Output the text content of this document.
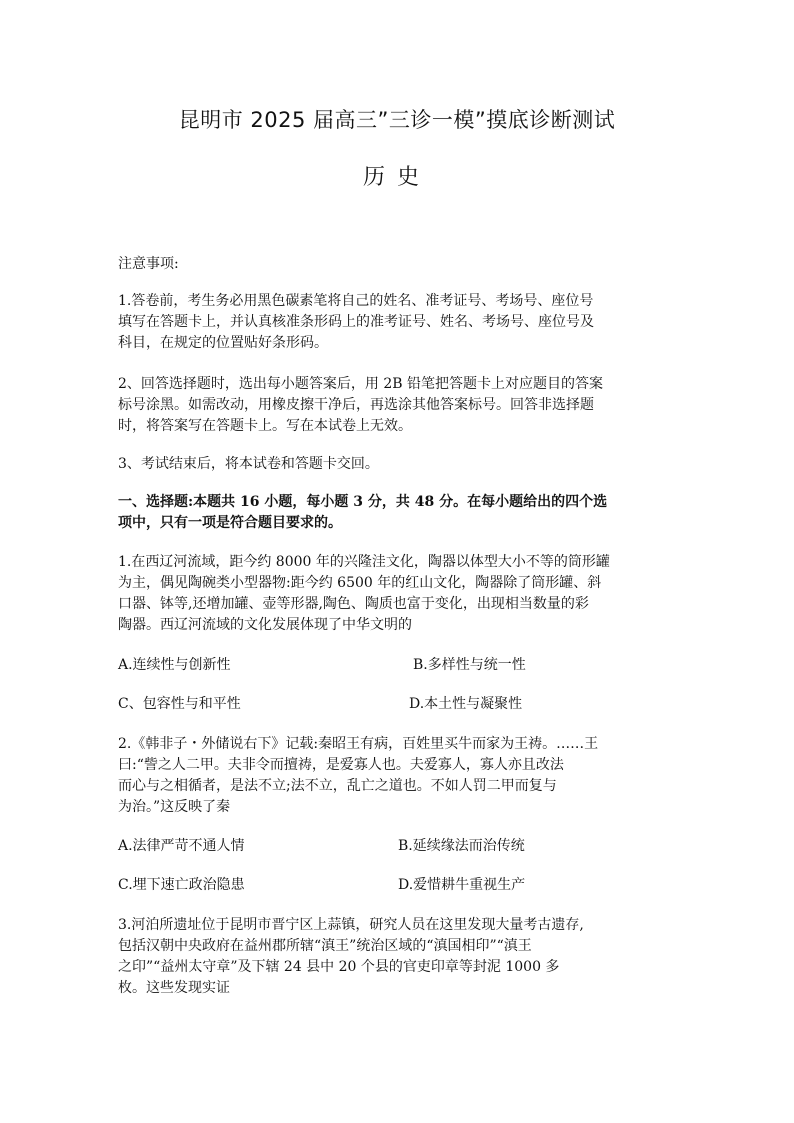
昆明市 2025 届高三”三诊一模”摸底诊断测试
历史
注意事项:
1.答卷前，考生务必用黑色碳素笔将自己的姓名、准考证号、考场号、座位号
填写在答题卡上，并认真核准条形码上的准考证号、姓名、考场号、座位号及
科目，在规定的位置贴好条形码。
2、回答选择题时，选出每小题答案后，用 2B 铅笔把答题卡上对应题目的答案
标号涂黑。如需改动，用橡皮擦干净后，再选涂其他答案标号。回答非选择题
时，将答案写在答题卡上。写在本试卷上无效。
3、考试结束后，将本试卷和答题卡交回。
一、选择题:本题共 16 小题，每小题 3 分，共 48 分。在每小题给出的四个选
项中，只有一项是符合题目要求的。
1.在西辽河流域，距今约 8000 年的兴隆洼文化，陶器以体型大小不等的筒形罐
为主，偶见陶碗类小型器物:距今约 6500 年的红山文化，陶器除了筒形罐、斜
口器、钵等,还增加罐、壶等形器,陶色、陶质也富于变化，出现相当数量的彩
陶器。西辽河流域的文化发展体现了中华文明的
A.连续性与创新性	B.多样性与统一性
C、包容性与和平性	D.本土性与凝聚性
2.《韩非子・外储说右下》记载:秦昭王有病，百姓里买牛而家为王祷。……王
曰:“訾之人二甲。夫非令而擅祷，是爱寡人也。夫爱寡人，寡人亦且改法
而心与之相循者，是法不立;法不立，乱亡之道也。不如人罚二甲而复与
为治。”这反映了秦
A.法律严苛不通人情	B.延续缘法而治传统
C.埋下速亡政治隐患	D.爱惜耕牛重视生产
3.河泊所遗址位于昆明市晋宁区上蒜镇，研究人员在这里发现大量考古遗存,
包括汉朝中央政府在益州郡所辖“滇王”统治区域的“滇国相印”“滇王
之印”“益州太守章”及下辖 24 县中 20 个县的官吏印章等封泥 1000 多
枚。这些发现实证
